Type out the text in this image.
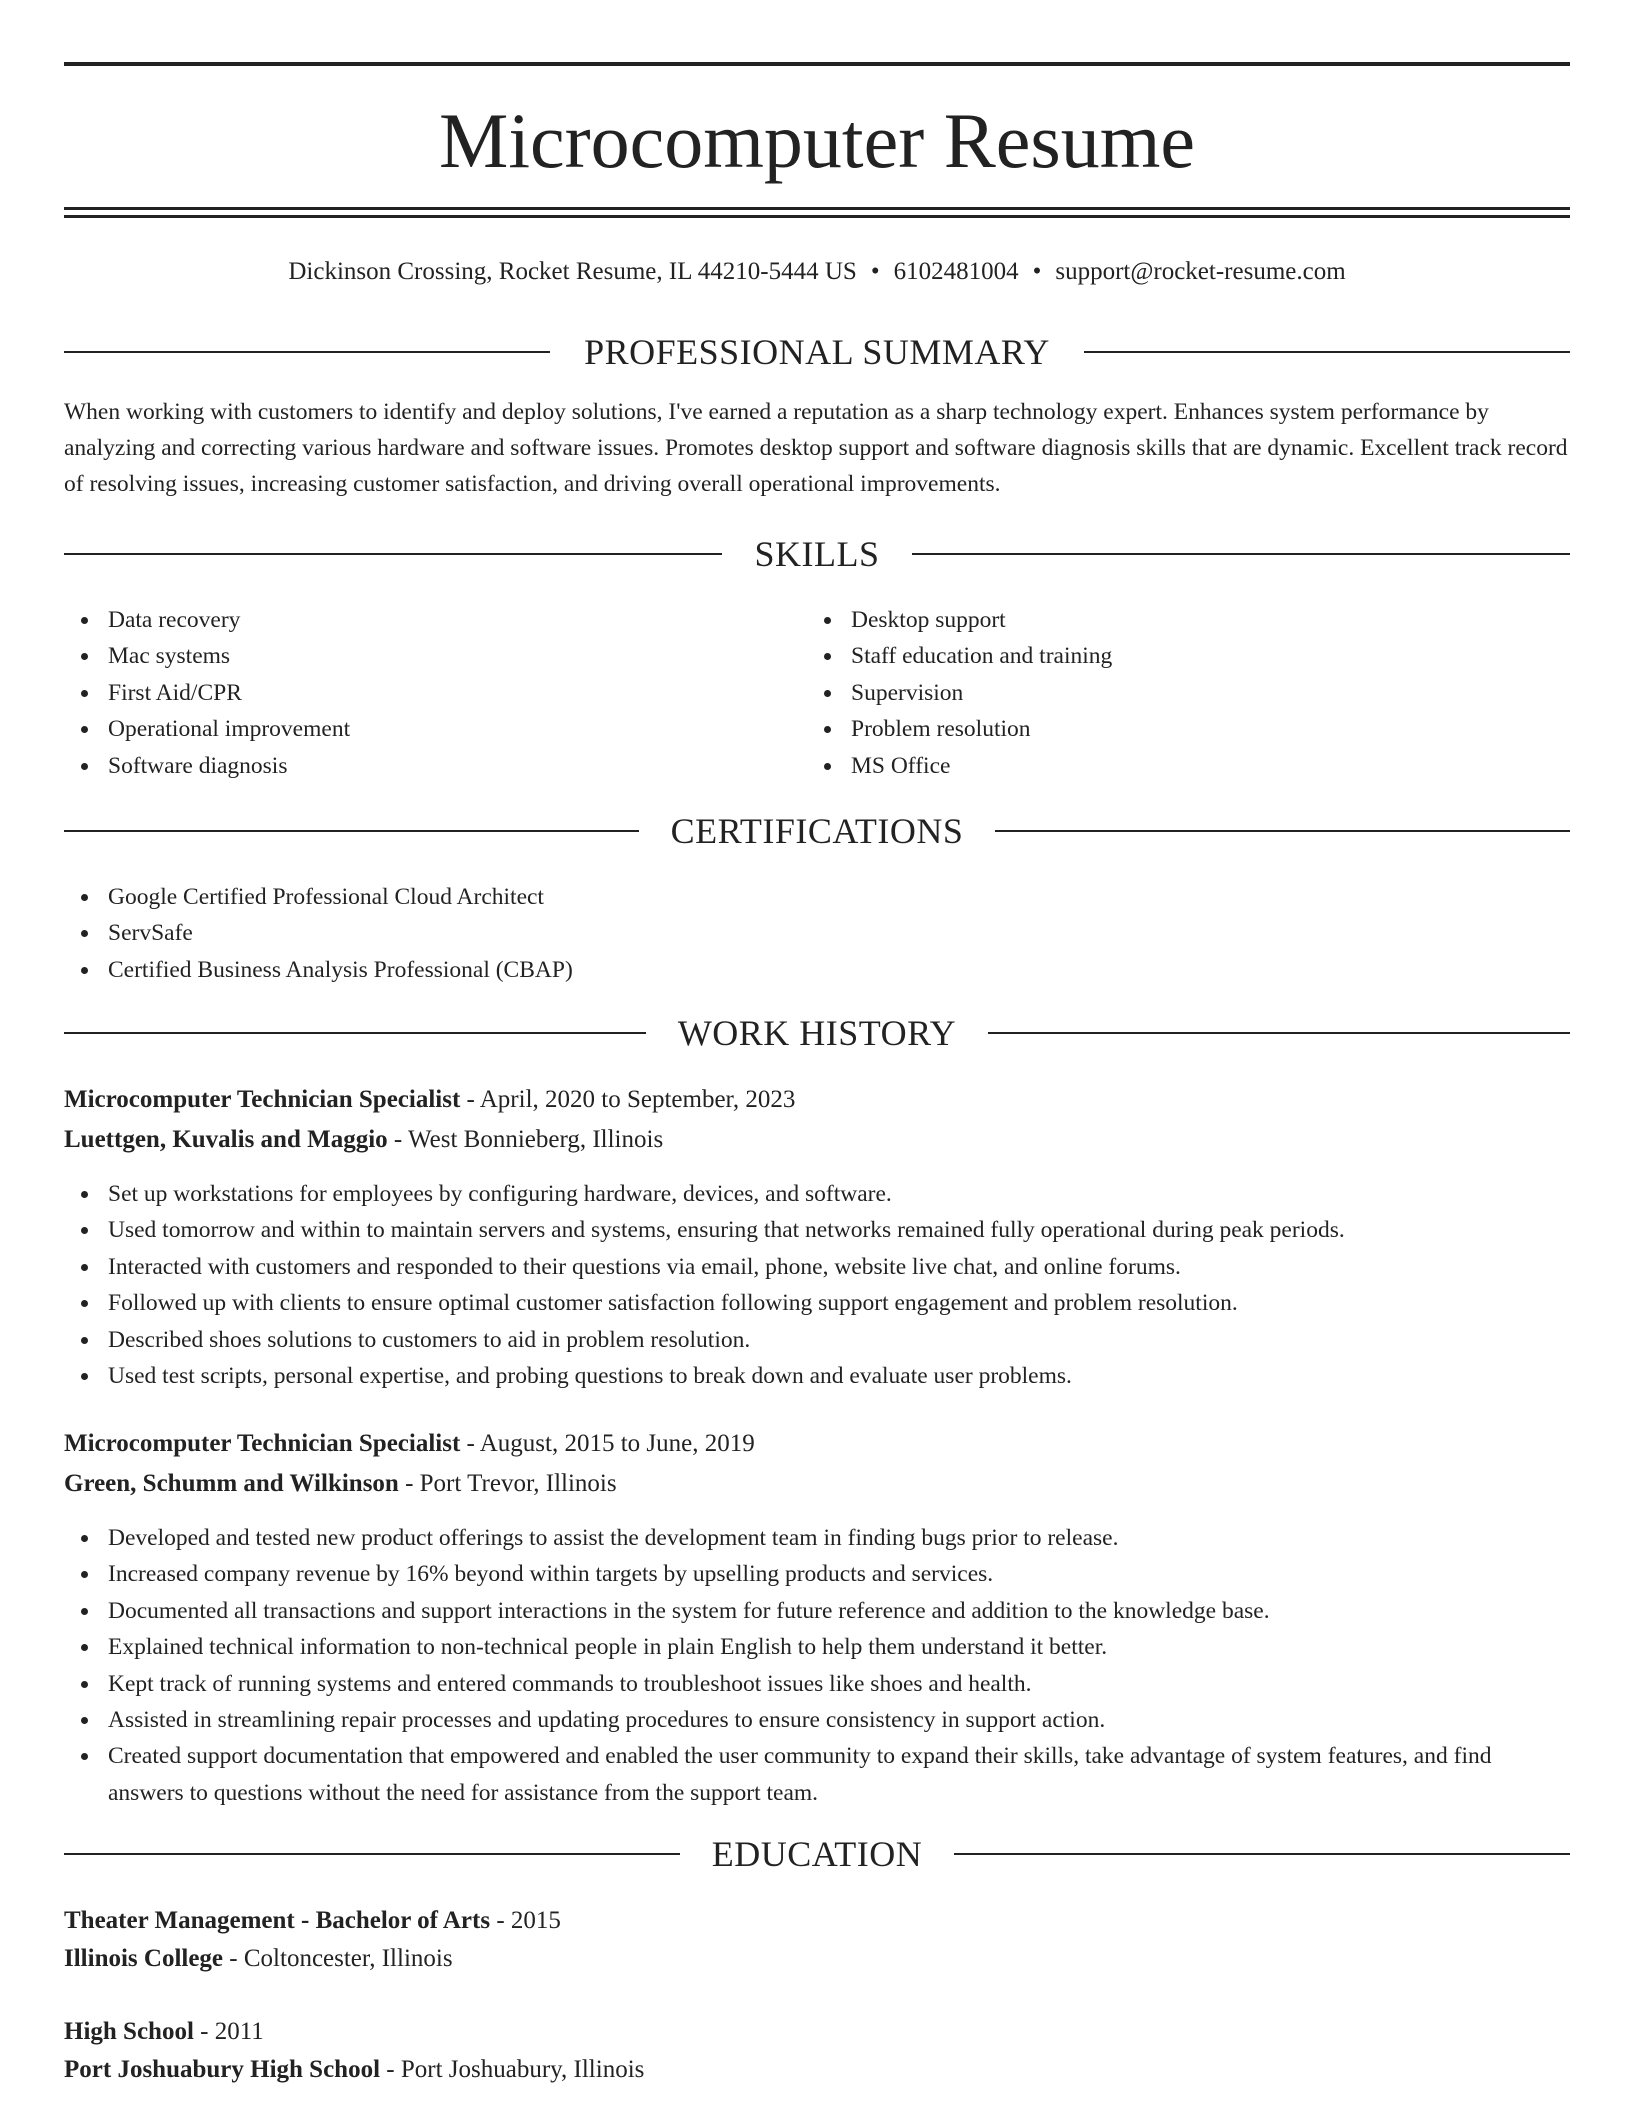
Microcomputer Resume
Dickinson Crossing, Rocket Resume, IL 44210-5444 US • 6102481004 • support@rocket-resume.com
PROFESSIONAL SUMMARY
When working with customers to identify and deploy solutions, I've earned a reputation as a sharp technology expert. Enhances system performance by analyzing and correcting various hardware and software issues. Promotes desktop support and software diagnosis skills that are dynamic. Excellent track record of resolving issues, increasing customer satisfaction, and driving overall operational improvements.
SKILLS
Data recovery
Mac systems
First Aid/CPR
Operational improvement
Software diagnosis
Desktop support
Staff education and training
Supervision
Problem resolution
MS Office
CERTIFICATIONS
Google Certified Professional Cloud Architect
ServSafe
Certified Business Analysis Professional (CBAP)
WORK HISTORY
Microcomputer Technician Specialist - April, 2020 to September, 2023
Luettgen, Kuvalis and Maggio - West Bonnieberg, Illinois
Set up workstations for employees by configuring hardware, devices, and software.
Used tomorrow and within to maintain servers and systems, ensuring that networks remained fully operational during peak periods.
Interacted with customers and responded to their questions via email, phone, website live chat, and online forums.
Followed up with clients to ensure optimal customer satisfaction following support engagement and problem resolution.
Described shoes solutions to customers to aid in problem resolution.
Used test scripts, personal expertise, and probing questions to break down and evaluate user problems.
Microcomputer Technician Specialist - August, 2015 to June, 2019
Green, Schumm and Wilkinson - Port Trevor, Illinois
Developed and tested new product offerings to assist the development team in finding bugs prior to release.
Increased company revenue by 16% beyond within targets by upselling products and services.
Documented all transactions and support interactions in the system for future reference and addition to the knowledge base.
Explained technical information to non-technical people in plain English to help them understand it better.
Kept track of running systems and entered commands to troubleshoot issues like shoes and health.
Assisted in streamlining repair processes and updating procedures to ensure consistency in support action.
Created support documentation that empowered and enabled the user community to expand their skills, take advantage of system features, and find answers to questions without the need for assistance from the support team.
EDUCATION
Theater Management - Bachelor of Arts - 2015
Illinois College - Coltoncester, Illinois
High School - 2011
Port Joshuabury High School - Port Joshuabury, Illinois
